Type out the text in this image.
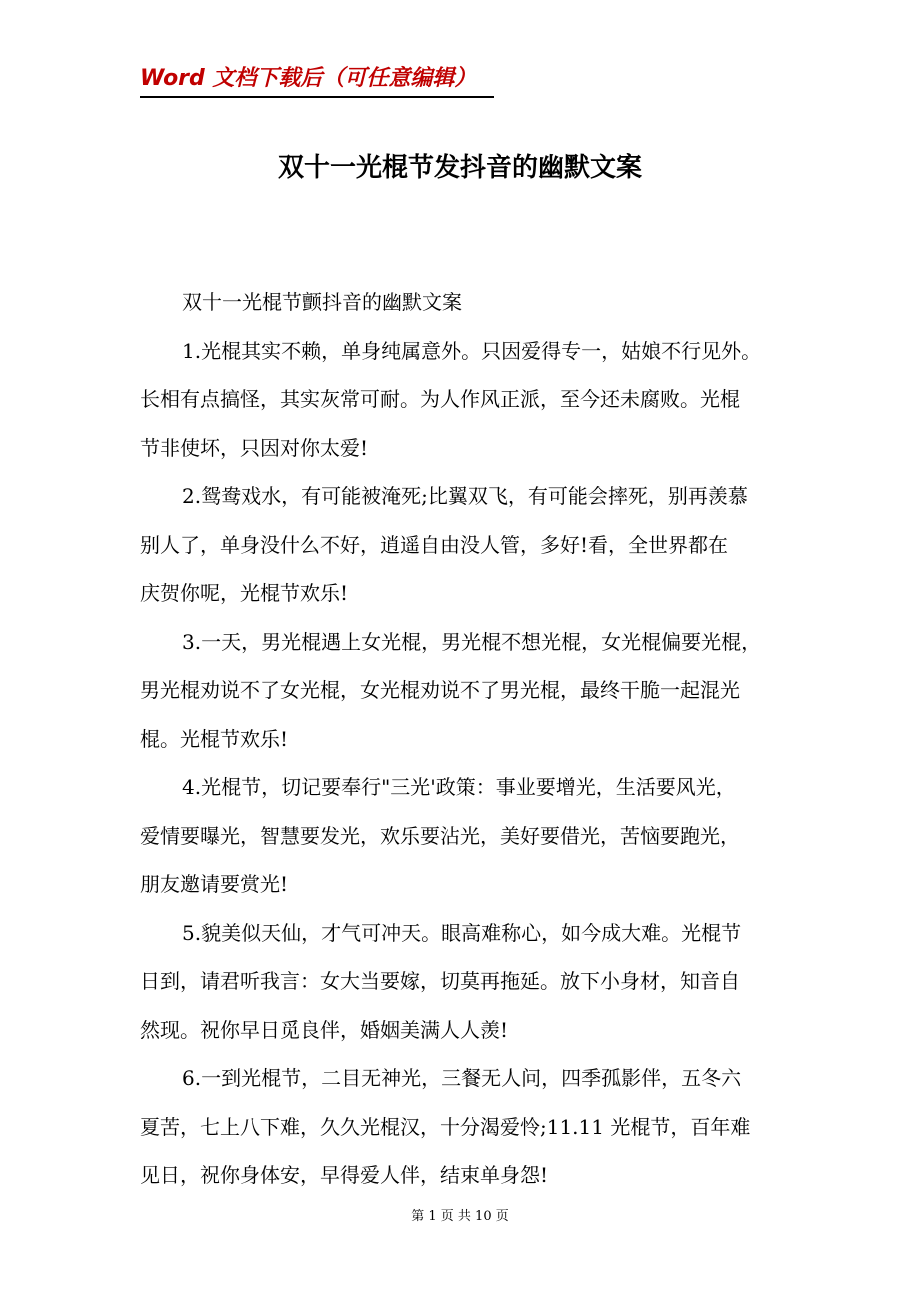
Word 文档下载后（可任意编辑）
双十一光棍节发抖音的幽默文案

双十一光棍节颤抖音的幽默文案

1.光棍其实不赖，单身纯属意外。只因爱得专一，姑娘不行见外。
长相有点搞怪，其实灰常可耐。为人作风正派，至今还未腐败。光棍
节非使坏，只因对你太爱!

2.鸳鸯戏水，有可能被淹死;比翼双飞，有可能会摔死，别再羡慕
别人了，单身没什么不好，逍遥自由没人管，多好!看，全世界都在
庆贺你呢，光棍节欢乐!

3.一天，男光棍遇上女光棍，男光棍不想光棍，女光棍偏要光棍，
男光棍劝说不了女光棍，女光棍劝说不了男光棍，最终干脆一起混光
棍。光棍节欢乐!

4.光棍节，切记要奉行"三光'政策：事业要增光，生活要风光，
爱情要曝光，智慧要发光，欢乐要沾光，美好要借光，苦恼要跑光，
朋友邀请要赏光!

5.貌美似天仙，才气可冲天。眼高难称心，如今成大难。光棍节
日到，请君听我言：女大当要嫁，切莫再拖延。放下小身材，知音自
然现。祝你早日觅良伴，婚姻美满人人羡!

6.一到光棍节，二目无神光，三餐无人问，四季孤影伴，五冬六
夏苦，七上八下难，久久光棍汉，十分渴爱怜;11.11 光棍节，百年难
见日，祝你身体安，早得爱人伴，结束单身怨!

第 1 页 共 10 页
